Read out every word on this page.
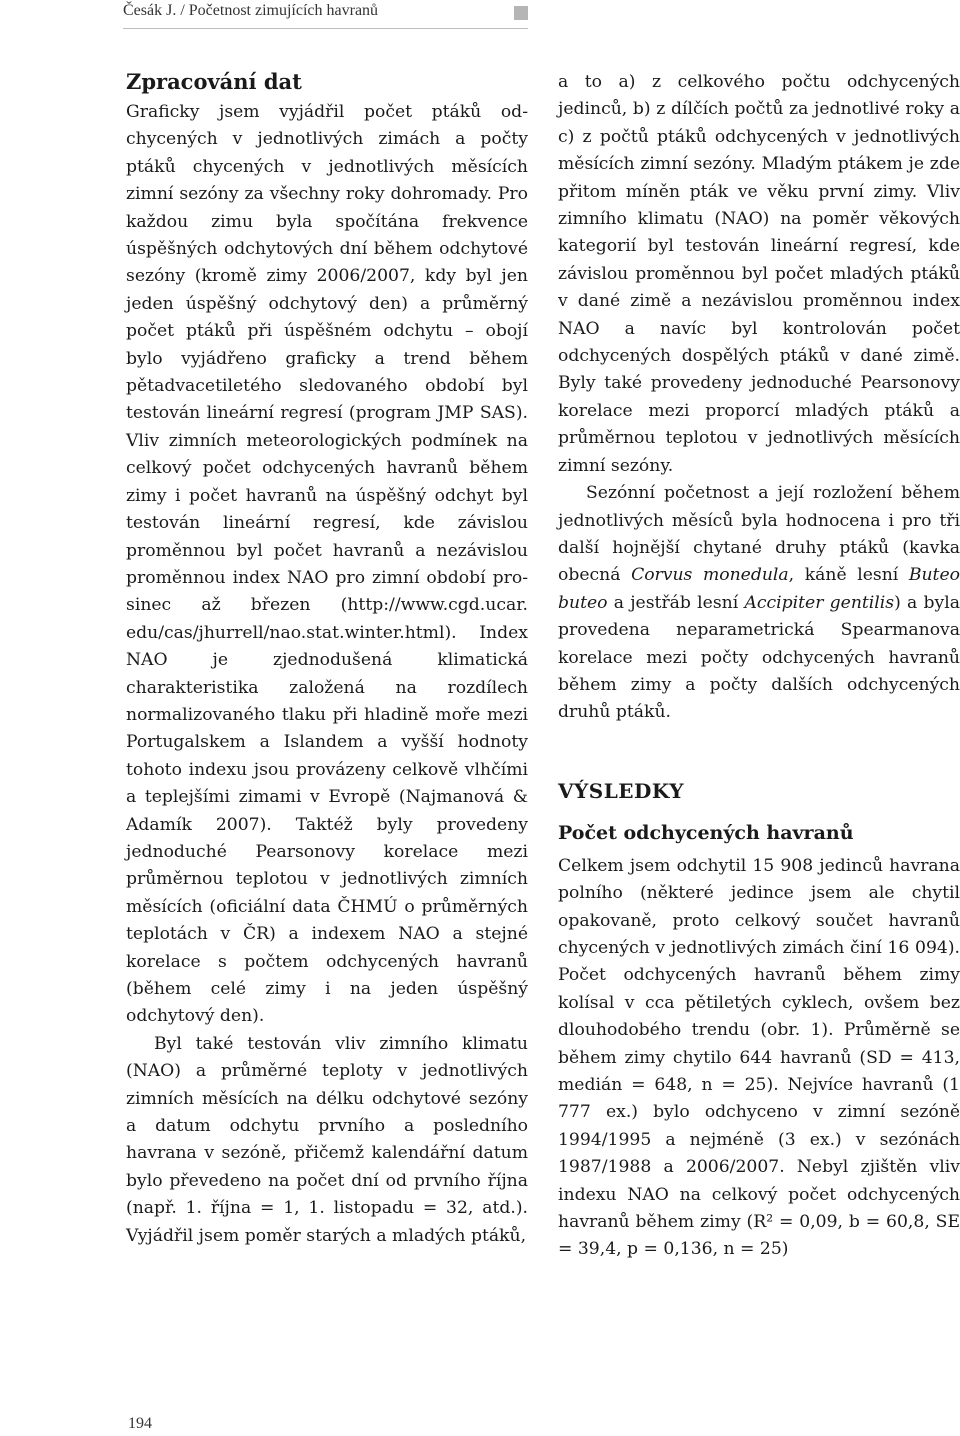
Česák J. / Početnost zimujících havranů
Zpracování dat

Graficky jsem vyjádřil počet ptáků odchycených v jednotlivých zimách a počty ptáků chycených v jednotlivých měsících zimní sezóny za všechny roky dohromady. Pro každou zimu byla spočítána frekvence úspěšných odchytových dní během odchytové sezóny (kromě zimy 2006/2007, kdy byl jen jeden úspěšný odchytový den) a průměrný počet ptáků při úspěšném odchytu – obojí bylo vyjádřeno graficky a trend během pětadvacetiletého sledovaného období byl testován lineární regresí (program JMP SAS). Vliv zimních meteorologických podmínek na celkový počet odchycených havranů během zimy i počet havranů na úspěšný odchyt byl testován lineární regresí, kde závislou proměnnou byl počet havranů a nezávislou proměnnou index NAO pro zimní období prosinec až březen (http://www.cgd.ucar. edu/cas/jhurrell/nao.stat.winter.html). Index NAO je zjednodušená klimatická charakteristika založená na rozdílech normalizovaného tlaku při hladině moře mezi Portugalskem a Islandem a vyšší hodnoty tohoto indexu jsou provázеny celkově vlhčími a teplejšími zimami v Evropě (Najmanová & Adamík 2007). Taktéž byly provedeny jednoduché Pearsonovy korelace mezi průměrnou teplotou v jednotlivých zimních měsících (oficiální data ČHMÚ o průměrných teplotách v ČR) a indexem NAO a stejné korelace s počtem odchycených havranů (během celé zimy i na jeden úspěšný odchytový den).

Byl také testován vliv zimního klimatu (NAO) a průměrné teploty v jednotlivých zimních měsících na délku odchytové sezóny a datum odchytu prvního a posledního havrana v sezóně, přičemž kalendářní datum bylo převedeno na počet dní od prvního října (např. 1. října = 1, 1. listopadu = 32, atd.). Vyjádřil jsem poměr starých a mladých ptáků,

a to a) z celkového počtu odchycených jedinců, b) z dílčích počtů za jednotlivé roky a c) z počtů ptáků odchycených v jednotlivých měsících zimní sezóny. Mladým ptákem je zde přitom míněn pták ve věku první zimy. Vliv zimního klimatu (NAO) na poměr věkových kategorií byl testován lineární regresí, kde závislou proměnnou byl počet mladých ptáků v dané zimě a nezávislou proměnnou index NAO a navíc byl kontrolován počet odchycených dospělých ptáků v dané zimě. Byly také provedeny jednoduché Pearsonovy korelace mezi proporcí mladých ptáků a průměrnou teplotou v jednotlivých měsících zimní sezóny.

Sezónní početnost a její rozložení během jednotlivých měsíců byla hodnocena i pro tři další hojnější chytané druhy ptáků (kavka obecná Corvus monedula, káně lesní Buteo buteo a jestřáb lesní Accipiter gentilis) a byla provedena neparametrická Spearmanova korelace mezi počty odchycených havranů během zimy a počty dalších odchycených druhů ptáků.

VÝSLEDKY
Počet odchycených havranů

Celkem jsem odchytil 15 908 jedinců havrana polního (některé jedince jsem ale chytil opakovaně, proto celkový součet havranů chycených v jednotlivých zimách činí 16 094). Počet odchycených havranů během zimy kolísal v cca pětiletých cyklech, ovšem bez dlouhodobého trendu (obr. 1). Průměrně se během zimy chytilo 644 havranů (SD = 413, medián = 648, n = 25). Nejvíce havranů (1 777 ex.) bylo odchyceno v zimní sezóně 1994/1995 a nejméně (3 ex.) v sezónách 1987/1988 a 2006/2007. Nebyl zjištěn vliv indexu NAO na celkový počet odchycených havranů během zimy (R² = 0,09, b = 60,8, SE = 39,4, p = 0,136, n = 25)

194
